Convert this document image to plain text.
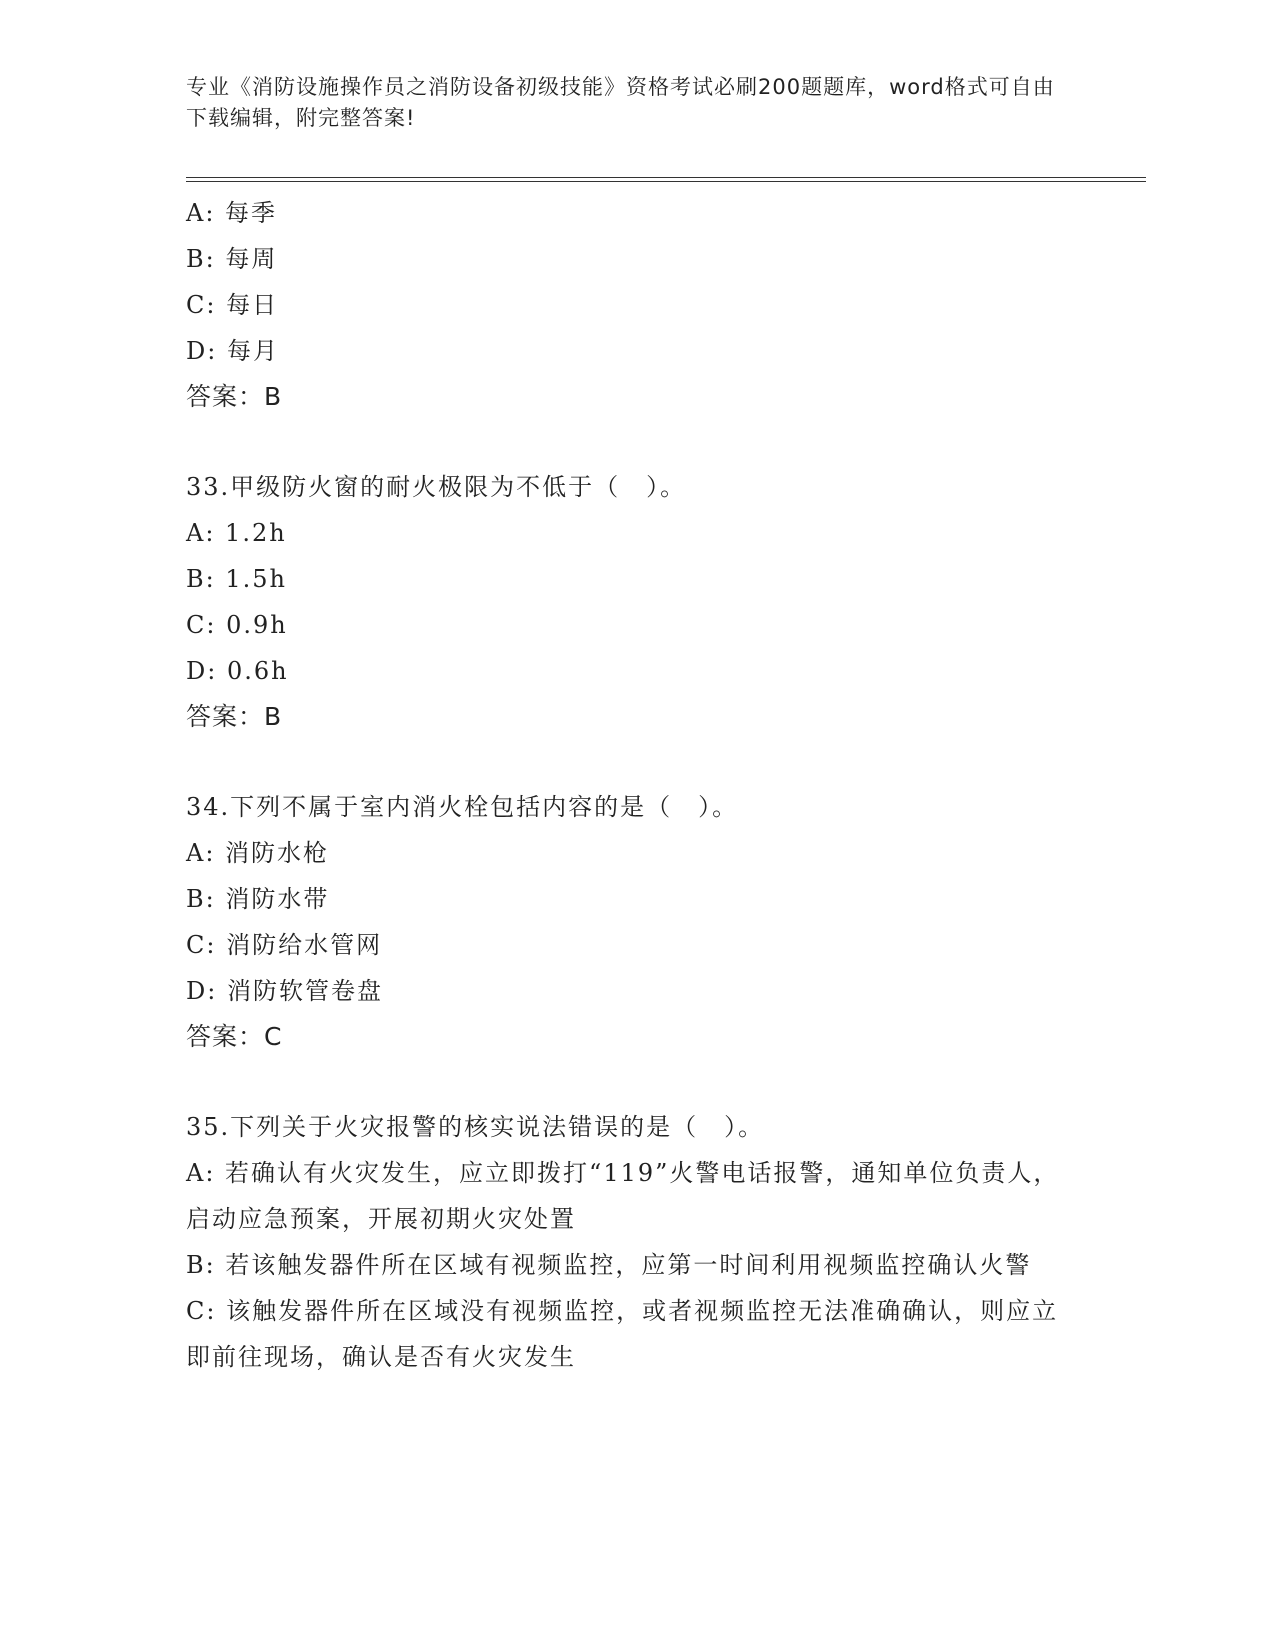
专业《消防设施操作员之消防设备初级技能》资格考试必刷200题题库，word格式可自由下载编辑，附完整答案!
A: 每季
B: 每周
C: 每日
D: 每月
答案：B
33.甲级防火窗的耐火极限为不低于（　）。
A: 1.2h
B: 1.5h
C: 0.9h
D: 0.6h
答案：B
34.下列不属于室内消火栓包括内容的是（　）。
A: 消防水枪
B: 消防水带
C: 消防给水管网
D: 消防软管卷盘
答案：C
35.下列关于火灾报警的核实说法错误的是（　）。
A: 若确认有火灾发生，应立即拨打“119”火警电话报警，通知单位负责人，启动应急预案，开展初期火灾处置
B: 若该触发器件所在区域有视频监控，应第一时间利用视频监控确认火警
C: 该触发器件所在区域没有视频监控，或者视频监控无法准确确认，则应立即前往现场，确认是否有火灾发生
